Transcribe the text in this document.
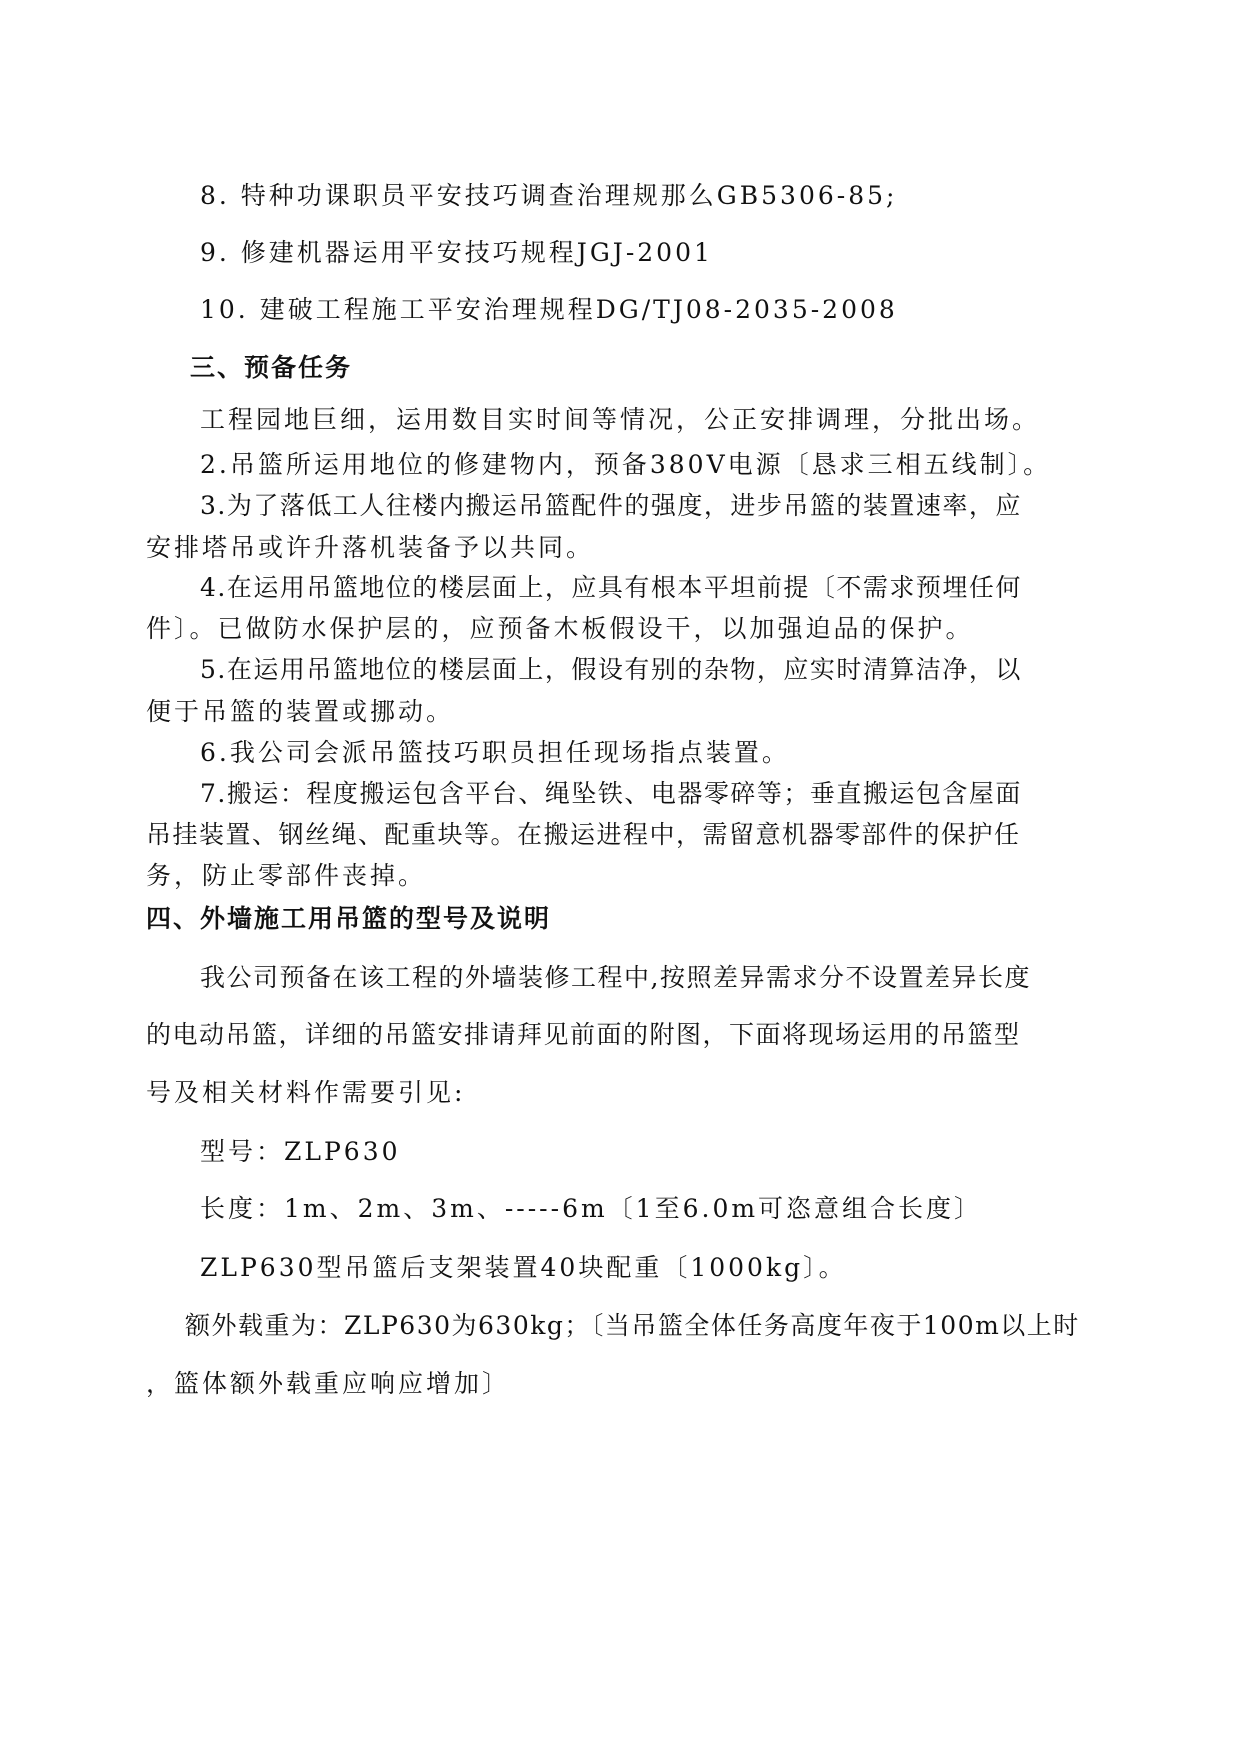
8. 特种功课职员平安技巧调查治理规那么GB5306-85;
9. 修建机器运用平安技巧规程JGJ-2001
10. 建破工程施工平安治理规程DG/TJ08-2035-2008
三、预备任务
工程园地巨细，运用数目实时间等情况，公正安排调理，分批出场。
2.吊篮所运用地位的修建物内，预备380V电源〔恳求三相五线制〕。
3.为了落低工人往楼内搬运吊篮配件的强度，进步吊篮的装置速率，应
安排塔吊或许升落机装备予以共同。
4.在运用吊篮地位的楼层面上，应具有根本平坦前提〔不需求预埋任何
件〕。已做防水保护层的，应预备木板假设干，以加强迫品的保护。
5.在运用吊篮地位的楼层面上，假设有别的杂物，应实时清算洁净，以
便于吊篮的装置或挪动。
6.我公司会派吊篮技巧职员担任现场指点装置。
7.搬运：程度搬运包含平台、绳坠铁、电器零碎等；垂直搬运包含屋面
吊挂装置、钢丝绳、配重块等。在搬运进程中，需留意机器零部件的保护任
务，防止零部件丧掉。
四、外墙施工用吊篮的型号及说明
我公司预备在该工程的外墙装修工程中,按照差异需求分不设置差异长度
的电动吊篮，详细的吊篮安排请拜见前面的附图，下面将现场运用的吊篮型
号及相关材料作需要引见:
型号：ZLP630
长度：1m、2m、3m、-----6m〔1至6.0m可恣意组合长度〕
ZLP630型吊篮后支架装置40块配重〔1000kg〕。
额外载重为：ZLP630为630kg；〔当吊篮全体任务高度年夜于100m以上时
，篮体额外载重应响应增加〕
